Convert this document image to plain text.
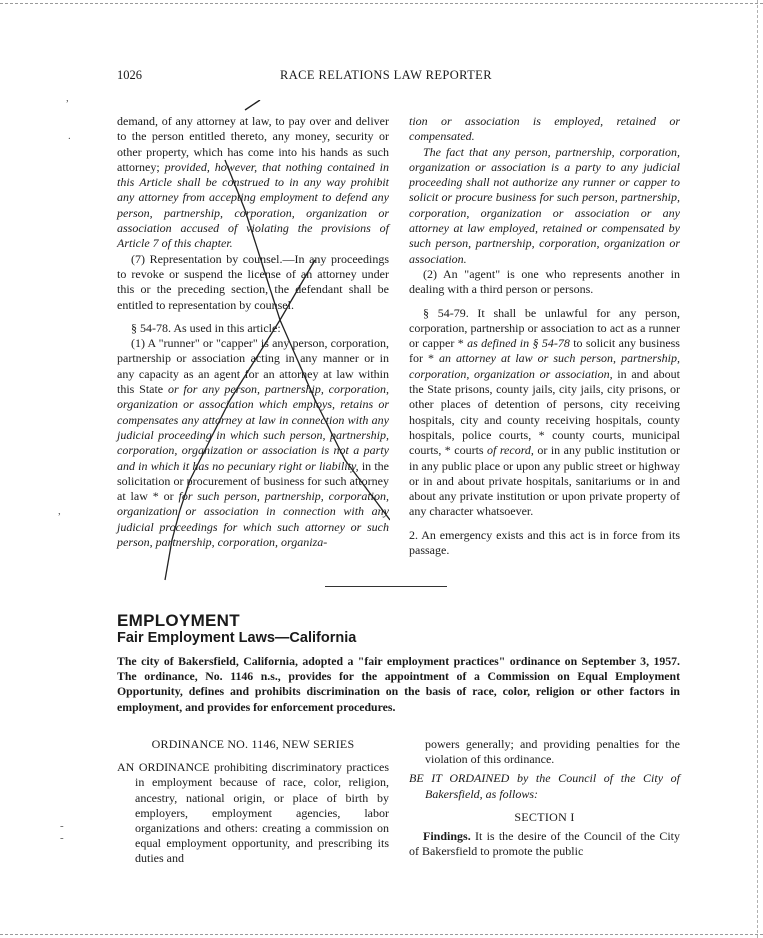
1026	RACE RELATIONS LAW REPORTER

demand, of any attorney at law, to pay over and deliver to the person entitled thereto, any money, security or other property, which has come into his hands as such attorney; provided, however, that nothing contained in this Article shall be construed to in any way prohibit any attorney from accepting employment to defend any person, partnership, corporation, organization or association accused of violating the provisions of Article 7 of this chapter.

(7) Representation by counsel.—In any proceedings to revoke or suspend the license of an attorney under this or the preceding section, the defendant shall be entitled to representation by counsel.

§ 54-78. As used in this article:

(1) A "runner" or "capper" is any person, corporation, partnership or association acting in any manner or in any capacity as an agent for an attorney at law within this State or for any person, partnership, corporation, organization or association which employs, retains or compensates any attorney at law in connection with any judicial proceeding in which such person, partnership, corporation, organization or association is not a party and in which it has no pecuniary right or liability, in the solicitation or procurement of business for such attorney at law * or for such person, partnership, corporation, organization or association in connection with any judicial proceedings for which such attorney or such person, partnership, corporation, organiza-

tion or association is employed, retained or compensated.

The fact that any person, partnership, corporation, organization or association is a party to any judicial proceeding shall not authorize any runner or capper to solicit or procure business for such person, partnership, corporation, organization or association or any attorney at law employed, retained or compensated by such person, partnership, corporation, organization or association.

(2) An "agent" is one who represents another in dealing with a third person or persons.

§ 54-79. It shall be unlawful for any person, corporation, partnership or association to act as a runner or capper * as defined in § 54-78 to solicit any business for * an attorney at law or such person, partnership, corporation, organization or association, in and about the State prisons, county jails, city jails, city prisons, or other places of detention of persons, city receiving hospitals, city and county receiving hospitals, county hospitals, police courts, * county courts, municipal courts, * courts of record, or in any public institution or in any public place or upon any public street or highway or in and about private hospitals, sanitariums or in and about any private institution or upon private property of any character whatsoever.

2. An emergency exists and this act is in force from its passage.

EMPLOYMENT
Fair Employment Laws—California
The city of Bakersfield, California, adopted a "fair employment practices" ordinance on September 3, 1957. The ordinance, No. 1146 n.s., provides for the appointment of a Commission on Equal Employment Opportunity, defines and prohibits discrimination on the basis of race, color, religion or other factors in employment, and provides for enforcement procedures.

ORDINANCE NO. 1146, NEW SERIES

AN ORDINANCE prohibiting discriminatory practices in employment because of race, color, religion, ancestry, national origin, or place of birth by employers, employment agencies, labor organizations and others: creating a commission on equal employment opportunity, and prescribing its duties and

powers generally; and providing penalties for the violation of this ordinance.

BE IT ORDAINED by the Council of the City of Bakersfield, as follows:

SECTION I

Findings. It is the desire of the Council of the City of Bakersfield to promote the public

,
.
,
-
-
